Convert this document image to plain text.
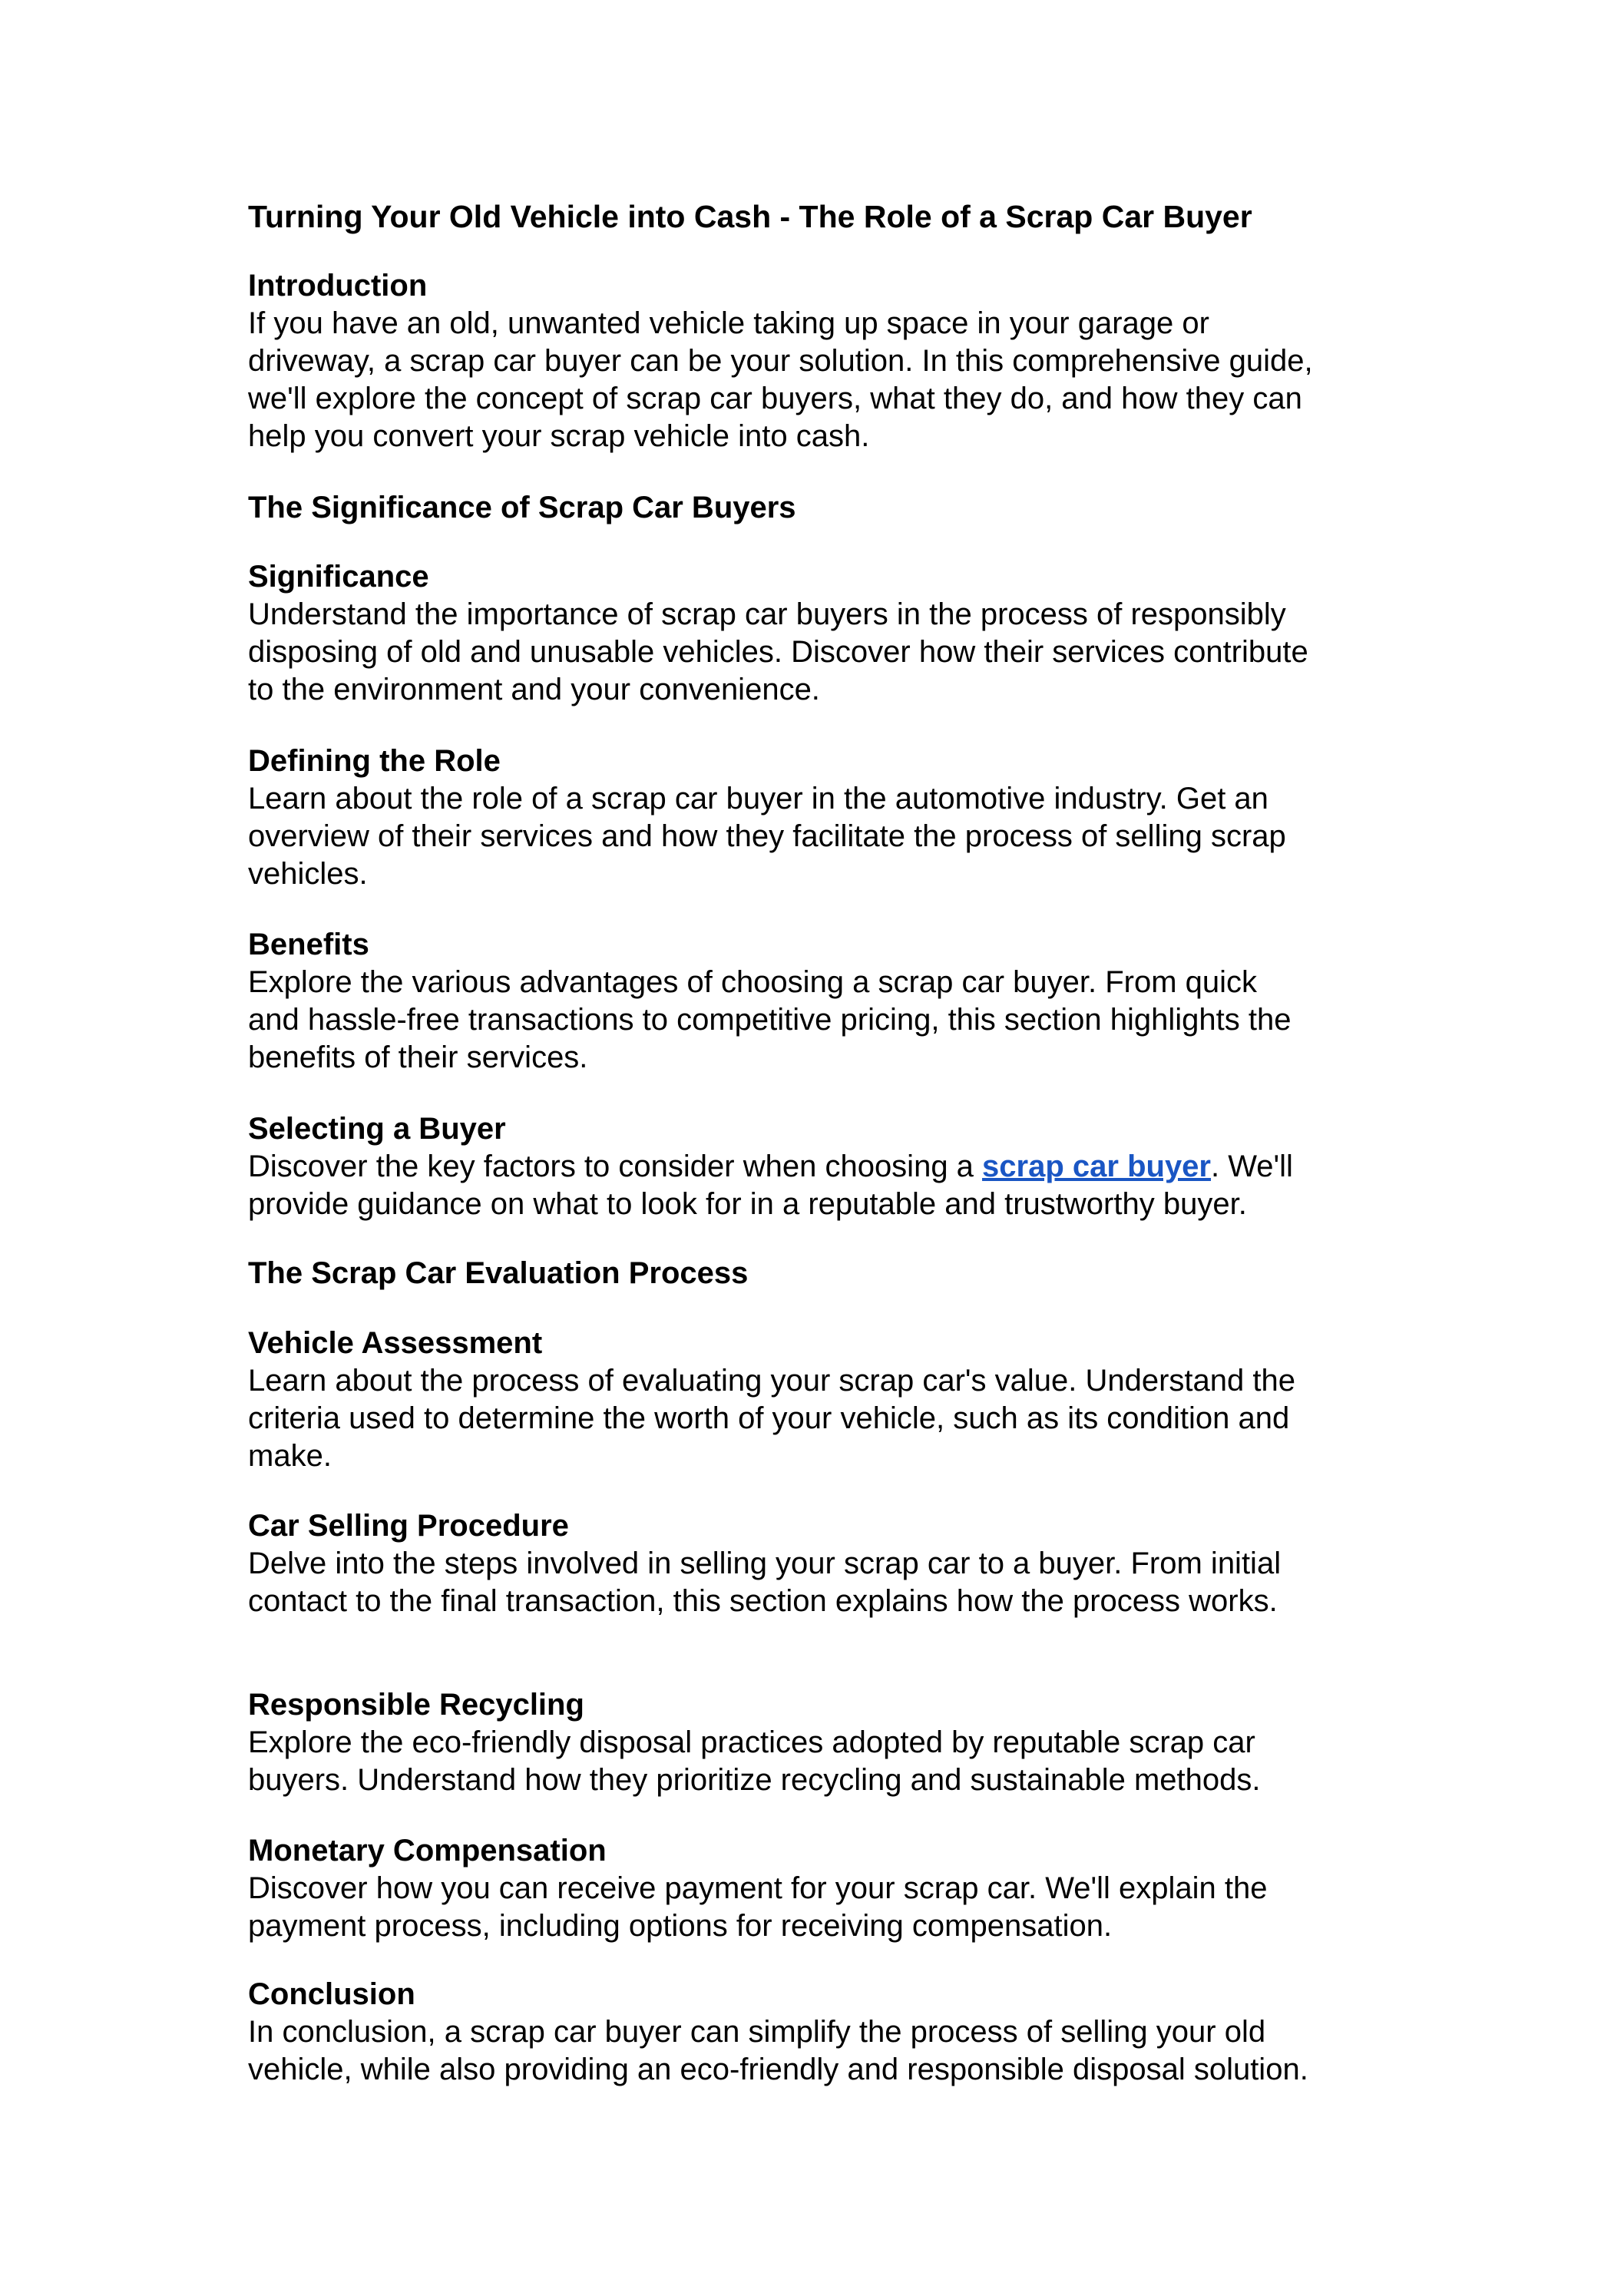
Turning Your Old Vehicle into Cash - The Role of a Scrap Car Buyer
Introduction

If you have an old, unwanted vehicle taking up space in your garage or
driveway, a scrap car buyer can be your solution. In this comprehensive guide,
we'll explore the concept of scrap car buyers, what they do, and how they can
help you convert your scrap vehicle into cash.

The Significance of Scrap Car Buyers
Significance

Understand the importance of scrap car buyers in the process of responsibly
disposing of old and unusable vehicles. Discover how their services contribute
to the environment and your convenience.

Defining the Role

Learn about the role of a scrap car buyer in the automotive industry. Get an
overview of their services and how they facilitate the process of selling scrap
vehicles.

Benefits

Explore the various advantages of choosing a scrap car buyer. From quick
and hassle-free transactions to competitive pricing, this section highlights the
benefits of their services.

Selecting a Buyer

Discover the key factors to consider when choosing a scrap car buyer. We'll
provide guidance on what to look for in a reputable and trustworthy buyer.

The Scrap Car Evaluation Process
Vehicle Assessment

Learn about the process of evaluating your scrap car's value. Understand the
criteria used to determine the worth of your vehicle, such as its condition and
make.

Car Selling Procedure

Delve into the steps involved in selling your scrap car to a buyer. From initial
contact to the final transaction, this section explains how the process works.

Responsible Recycling

Explore the eco-friendly disposal practices adopted by reputable scrap car
buyers. Understand how they prioritize recycling and sustainable methods.

Monetary Compensation

Discover how you can receive payment for your scrap car. We'll explain the
payment process, including options for receiving compensation.

Conclusion

In conclusion, a scrap car buyer can simplify the process of selling your old
vehicle, while also providing an eco-friendly and responsible disposal solution.
